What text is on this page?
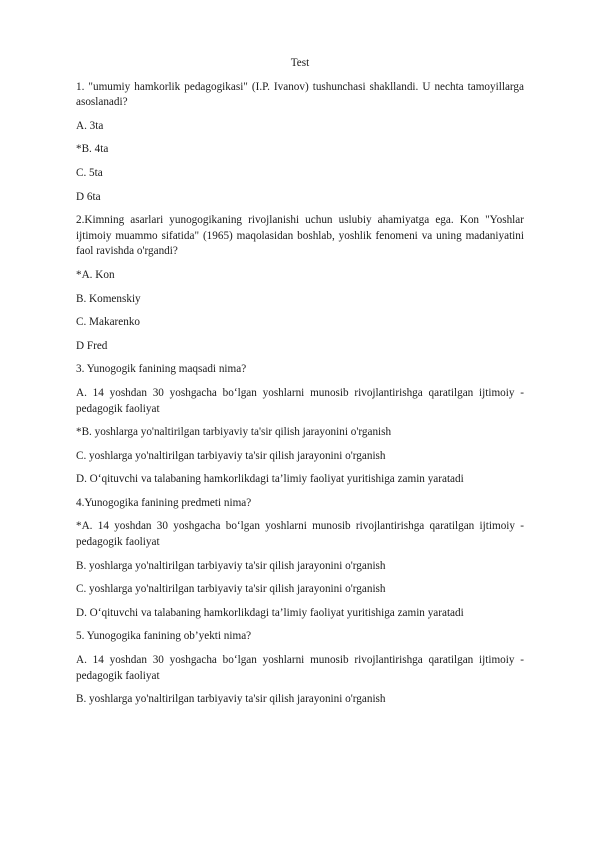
Test

1. "umumiy hamkorlik pedagogikasi" (I.P. Ivanov) tushunchasi shakllandi. U nechta tamoyillarga asoslanadi?

A. 3ta

*B. 4ta

C. 5ta

D 6ta

2.Kimning asarlari yunogogikaning rivojlanishi uchun uslubiy ahamiyatga ega. Kon "Yoshlar ijtimoiy muammo sifatida" (1965) maqolasidan boshlab, yoshlik fenomeni va uning madaniyatini faol ravishda o'rgandi?

*A. Kon

B. Komenskiy

C. Makarenko

D Fred

3. Yunogogik fanining maqsadi nima?

A. 14 yoshdan 30 yoshgacha bo‘lgan yoshlarni munosib rivojlantirishga qaratilgan ijtimoiy - pedagogik faoliyat

*B. yoshlarga yo'naltirilgan tarbiyaviy ta'sir qilish jarayonini o'rganish

C. yoshlarga yo'naltirilgan tarbiyaviy ta'sir qilish jarayonini o'rganish

D. O‘qituvchi va talabaning hamkorlikdagi ta’limiy faoliyat yuritishiga zamin yaratadi

4.Yunogogika fanining predmeti nima?

*A. 14 yoshdan 30 yoshgacha bo‘lgan yoshlarni munosib rivojlantirishga qaratilgan ijtimoiy - pedagogik faoliyat

B. yoshlarga yo'naltirilgan tarbiyaviy ta'sir qilish jarayonini o'rganish

C. yoshlarga yo'naltirilgan tarbiyaviy ta'sir qilish jarayonini o'rganish

D. O‘qituvchi va talabaning hamkorlikdagi ta’limiy faoliyat yuritishiga zamin yaratadi

5. Yunogogika fanining ob’yekti nima?

A. 14 yoshdan 30 yoshgacha bo‘lgan yoshlarni munosib rivojlantirishga qaratilgan ijtimoiy - pedagogik faoliyat

B. yoshlarga yo'naltirilgan tarbiyaviy ta'sir qilish jarayonini o'rganish
